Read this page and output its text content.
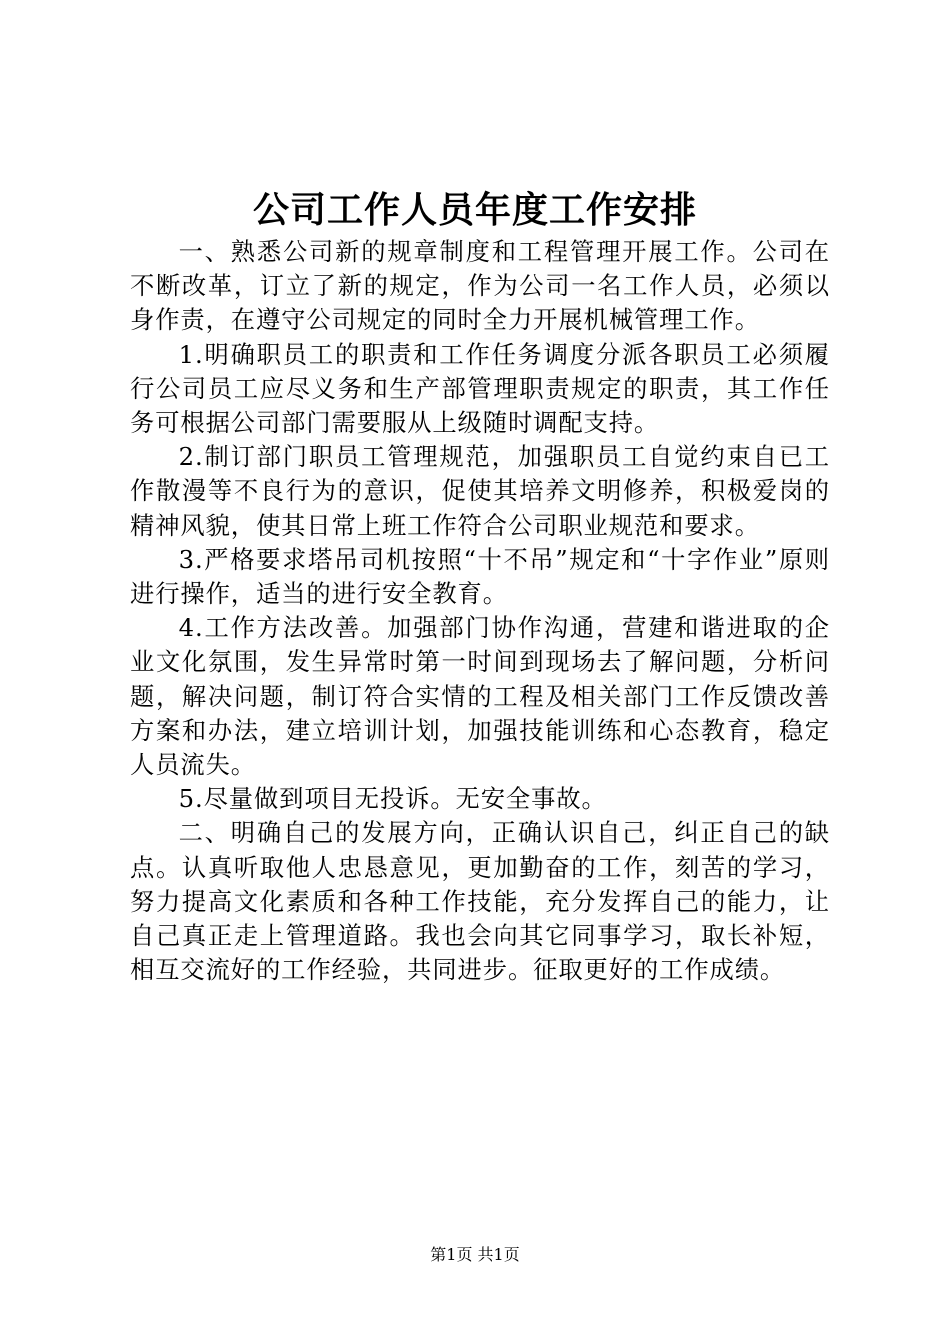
公司工作人员年度工作安排

一、熟悉公司新的规章制度和工程管理开展工作。公司在不断改革，订立了新的规定，作为公司一名工作人员，必须以身作责，在遵守公司规定的同时全力开展机械管理工作。

1.明确职员工的职责和工作任务调度分派各职员工必须履行公司员工应尽义务和生产部管理职责规定的职责，其工作任务可根据公司部门需要服从上级随时调配支持。

2.制订部门职员工管理规范，加强职员工自觉约束自已工作散漫等不良行为的意识，促使其培养文明修养，积极爱岗的精神风貌，使其日常上班工作符合公司职业规范和要求。

3.严格要求塔吊司机按照“十不吊”规定和“十字作业”原则进行操作，适当的进行安全教育。

4.工作方法改善。加强部门协作沟通，营建和谐进取的企业文化氛围，发生异常时第一时间到现场去了解问题，分析问题，解决问题，制订符合实情的工程及相关部门工作反馈改善方案和办法，建立培训计划，加强技能训练和心态教育，稳定人员流失。

5.尽量做到项目无投诉。无安全事故。

二、明确自己的发展方向，正确认识自己，纠正自己的缺点。认真听取他人忠恳意见，更加勤奋的工作，刻苦的学习，努力提高文化素质和各种工作技能，充分发挥自己的能力，让自己真正走上管理道路。我也会向其它同事学习，取长补短，相互交流好的工作经验，共同进步。征取更好的工作成绩。

第1页 共1页
